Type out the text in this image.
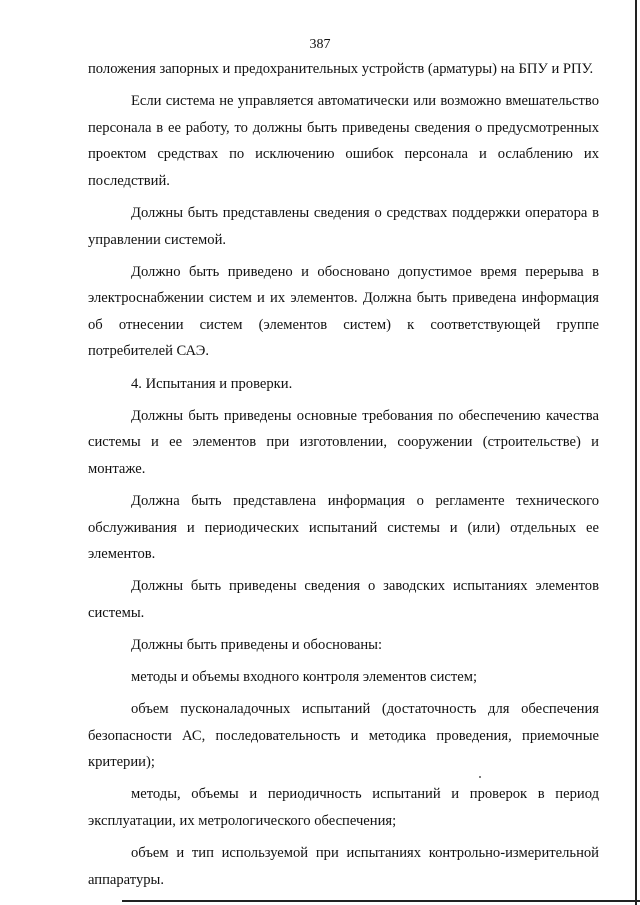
387

положения запорных и предохранительных устройств (арматуры) на БПУ и РПУ.

Если система не управляется автоматически или возможно вмешательство персонала в ее работу, то должны быть приведены сведения о предусмотренных проектом средствах по исключению ошибок персонала и ослаблению их последствий.

Должны быть представлены сведения о средствах поддержки оператора в управлении системой.

Должно быть приведено и обосновано допустимое время перерыва в электроснабжении систем и их элементов. Должна быть приведена информация об отнесении систем (элементов систем) к соответствующей группе потребителей САЭ.

4. Испытания и проверки.

Должны быть приведены основные требования по обеспечению качества системы и ее элементов при изготовлении, сооружении (строительстве) и монтаже.

Должна быть представлена информация о регламенте технического обслуживания и периодических испытаний системы и (или) отдельных ее элементов.

Должны быть приведены сведения о заводских испытаниях элементов системы.

Должны быть приведены и обоснованы:

методы и объемы входного контроля элементов систем;

объем пусконаладочных испытаний (достаточность для обеспечения безопасности АС, последовательность и методика проведения, приемочные критерии);

методы, объемы и периодичность испытаний и проверок в период эксплуатации, их метрологического обеспечения;

объем и тип используемой при испытаниях контрольно-измерительной аппаратуры.
